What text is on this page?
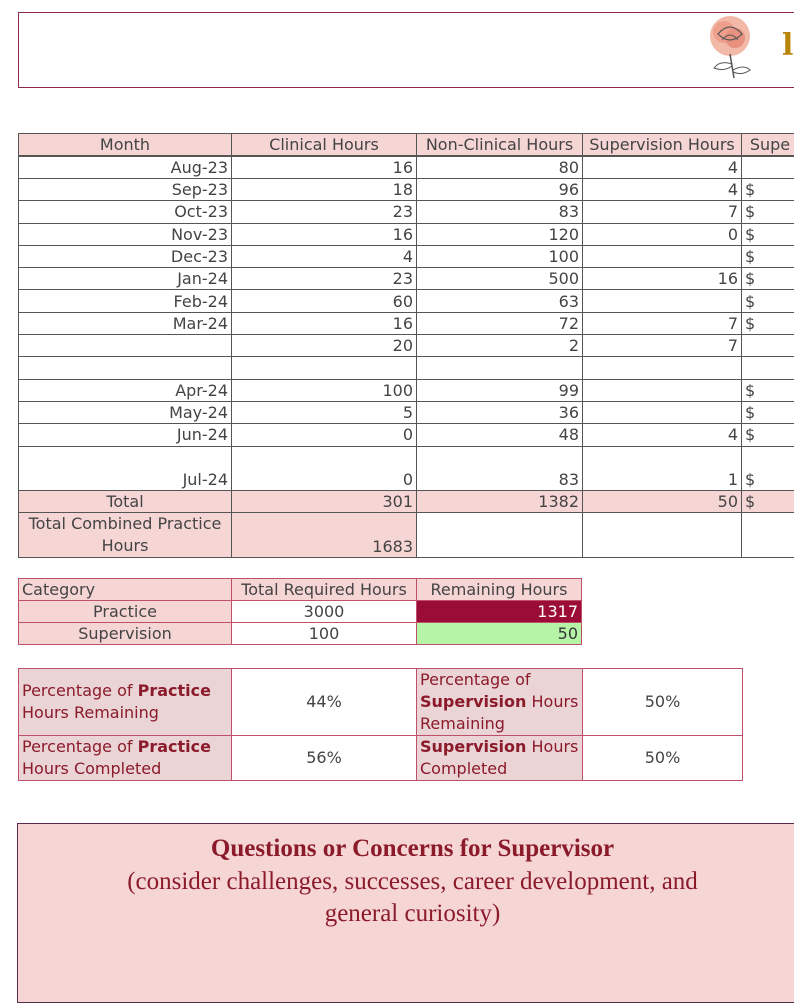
l
Month	Clinical Hours	Non-Clinical Hours	Supervision Hours	Supe
Aug-23	16	80	4	
Sep-23	18	96	4	$
Oct-23	23	83	7	$
Nov-23	16	120	0	$
Dec-23	4	100		$
Jan-24	23	500	16	$
Feb-24	60	63		$
Mar-24	16	72	7	$
	20	2	7	

Apr-24	100	99		$
May-24	5	36		$
Jun-24	0	48	4	$
Jul-24	0	83	1	$
Total	301	1382	50	$
Total Combined Practice
Hours	1683			
Category	Total Required Hours	Remaining Hours
Practice	3000	1317
Supervision	100	50
Percentage of Practice Hours Remaining	44%	Percentage of Supervision Hours Remaining	50%
Percentage of Practice Hours Completed	56%	Supervision Hours Completed	50%
Questions or Concerns for Supervisor
(consider challenges, successes, career development, and general curiosity)
